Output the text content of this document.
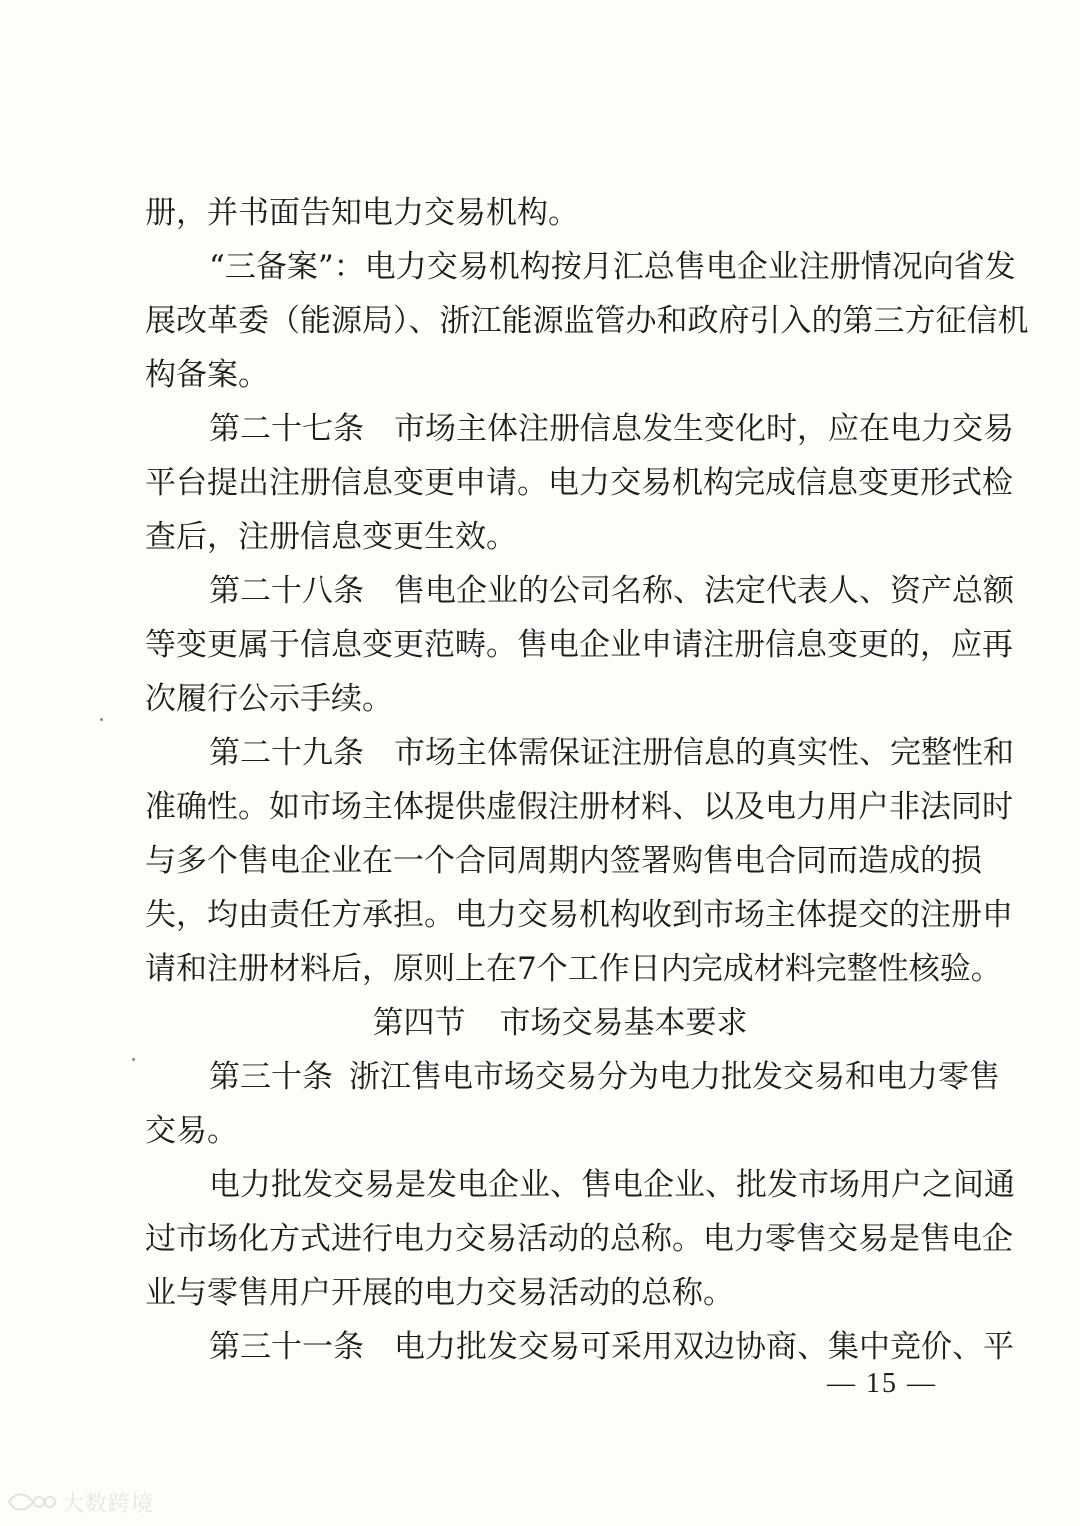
册，并书面告知电力交易机构。
“三备案”：电力交易机构按月汇总售电企业注册情况向省发
展改革委（能源局）、浙江能源监管办和政府引入的第三方征信机
构备案。
第二十七条 市场主体注册信息发生变化时，应在电力交易
平台提出注册信息变更申请。电力交易机构完成信息变更形式检
查后，注册信息变更生效。
第二十八条 售电企业的公司名称、法定代表人、资产总额
等变更属于信息变更范畴。售电企业申请注册信息变更的，应再
次履行公示手续。
第二十九条 市场主体需保证注册信息的真实性、完整性和
准确性。如市场主体提供虚假注册材料、以及电力用户非法同时
与多个售电企业在一个合同周期内签署购售电合同而造成的损
失，均由责任方承担。电力交易机构收到市场主体提交的注册申
请和注册材料后，原则上在7个工作日内完成材料完整性核验。
第四节 市场交易基本要求
第三十条 浙江售电市场交易分为电力批发交易和电力零售
交易。
电力批发交易是发电企业、售电企业、批发市场用户之间通
过市场化方式进行电力交易活动的总称。电力零售交易是售电企
业与零售用户开展的电力交易活动的总称。
第三十一条 电力批发交易可采用双边协商、集中竞价、平
— 15 —
大数跨境
